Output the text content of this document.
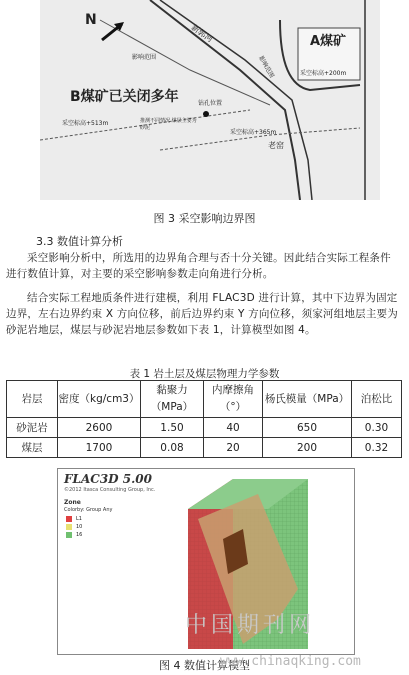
N
新郭河	A煤矿
采空标高+200m
影响范围	影响范围
B煤矿已关闭多年	钻孔位置
采空标高+513m	推测不同情况 煤层主要为砂泥
采空标高+365m
老窑
图 3 采空影响边界图
3.3 数值计算分析

采空影响分析中，所选用的边界角合理与否十分关键。因此结合实际工程条件进行数值计算，对主要的采空影响参数走向角进行分析。

结合实际工程地质条件进行建模，利用 FLAC3D 进行计算，其中下边界为固定边界，左右边界约束 X 方向位移，前后边界约束 Y 方向位移，须家河组地层主要为砂泥岩地层，煤层与砂泥岩地层参数如下表 1，计算模型如图 4。

表 1 岩土层及煤层物理力学参数
岩层	密度（kg/cm3）	黏聚力（MPa）	内摩擦角（°）	杨氏模量（MPa）	泊松比
砂泥岩	2600	1.50	40	650	0.30
煤层	1700	0.08	20	200	0.32
FLAC3D 5.00
©2012 Itasca Consulting Group, Inc.
Zone
Colorby: Group Any
L1
10
16
中国期刊网
图 4 数值计算模型
www.chinaqking.com
